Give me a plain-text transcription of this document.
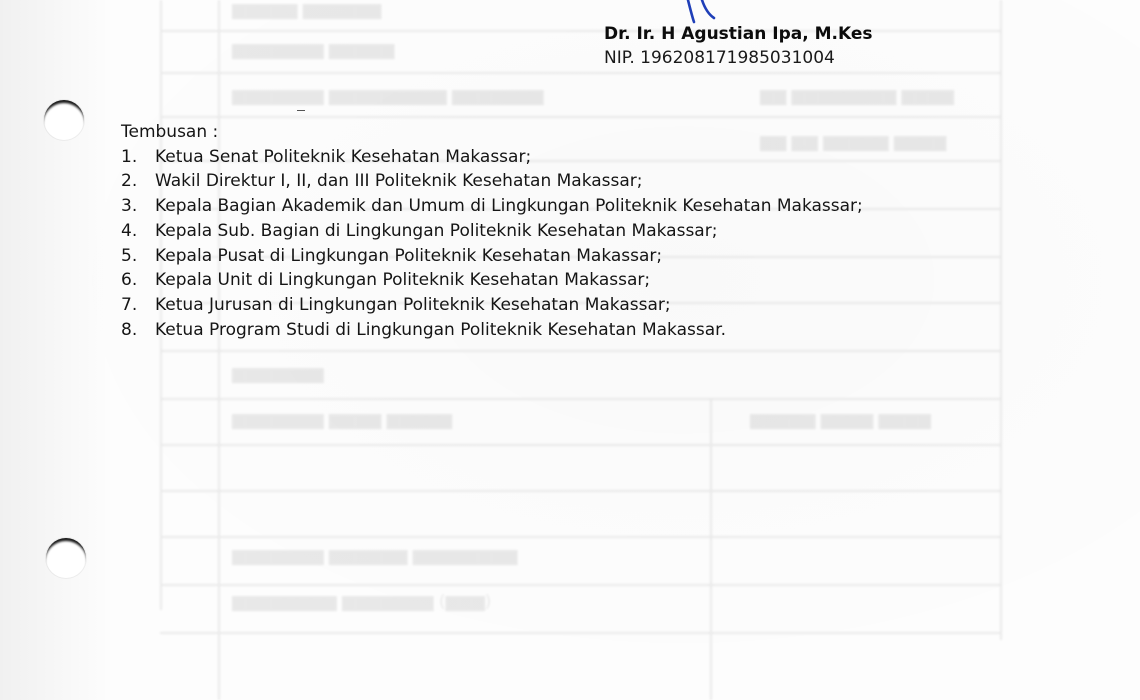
▆▆▆▆▆ ▆▆▆▆▆▆
▆▆▆▆▆▆▆ ▆▆▆▆▆
▆▆▆▆▆▆▆ ▆▆▆▆▆▆▆▆▆ ▆▆▆▆▆▆▆	▆▆ ▆▆▆▆▆▆▆▆ ▆▆▆▆
▆▆ ▆▆ ▆▆▆▆▆ ▆▆▆▆
▆▆▆▆▆▆▆
▆▆▆▆▆▆▆ ▆▆▆▆ ▆▆▆▆▆	▆▆▆▆▆ ▆▆▆▆ ▆▆▆▆
▆▆▆▆▆▆▆ ▆▆▆▆▆▆ ▆▆▆▆▆▆▆▆
▆▆▆▆▆▆▆▆ ▆▆▆▆▆▆▆ (▆▆▆)
Dr. Ir. H Agustian Ipa, M.Kes
NIP. 196208171985031004

Tembusan :

1.	Ketua Senat Politeknik Kesehatan Makassar;
2.	Wakil Direktur I, II, dan III Politeknik Kesehatan Makassar;
3.	Kepala Bagian Akademik dan Umum di Lingkungan Politeknik Kesehatan Makassar;
4.	Kepala Sub. Bagian di Lingkungan Politeknik Kesehatan Makassar;
5.	Kepala Pusat di Lingkungan Politeknik Kesehatan Makassar;
6.	Kepala Unit di Lingkungan Politeknik Kesehatan Makassar;
7.	Ketua Jurusan di Lingkungan Politeknik Kesehatan Makassar;
8.	Ketua Program Studi di Lingkungan Politeknik Kesehatan Makassar.
